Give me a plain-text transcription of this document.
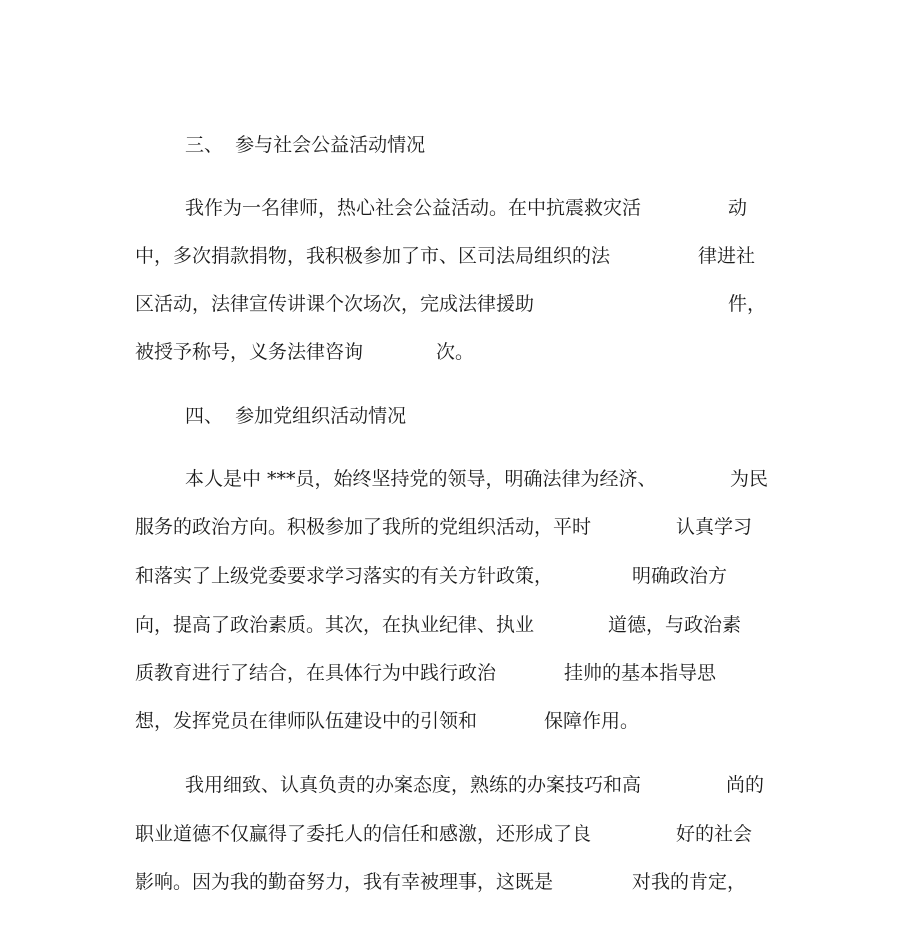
三、  参与社会公益活动情况

我作为一名律师，热心社会公益活动。在中抗震救灾活

	动

中，多次捐款捐物，我积极参加了市、区司法局组织的法

	律进社

区活动，法律宣传讲课个次场次，完成法律援助

	件，

被授予称号，义务法律咨询

	次。

四、  参加党组织活动情况

本人是中 ***员，始终坚持党的领导，明确法律为经济、

	为民

服务的政治方向。积极参加了我所的党组织活动，平时

	认真学习

和落实了上级党委要求学习落实的有关方针政策，

	明确政治方

向，提高了政治素质。其次，在执业纪律、执业

	道德，与政治素

质教育进行了结合，在具体行为中践行政治

	挂帅的基本指导思

想，发挥党员在律师队伍建设中的引领和

	保障作用。

我用细致、认真负责的办案态度，熟练的办案技巧和高

	尚的

职业道德不仅赢得了委托人的信任和感激，还形成了良

	好的社会

影响。因为我的勤奋努力，我有幸被理事，这既是

	对我的肯定，
